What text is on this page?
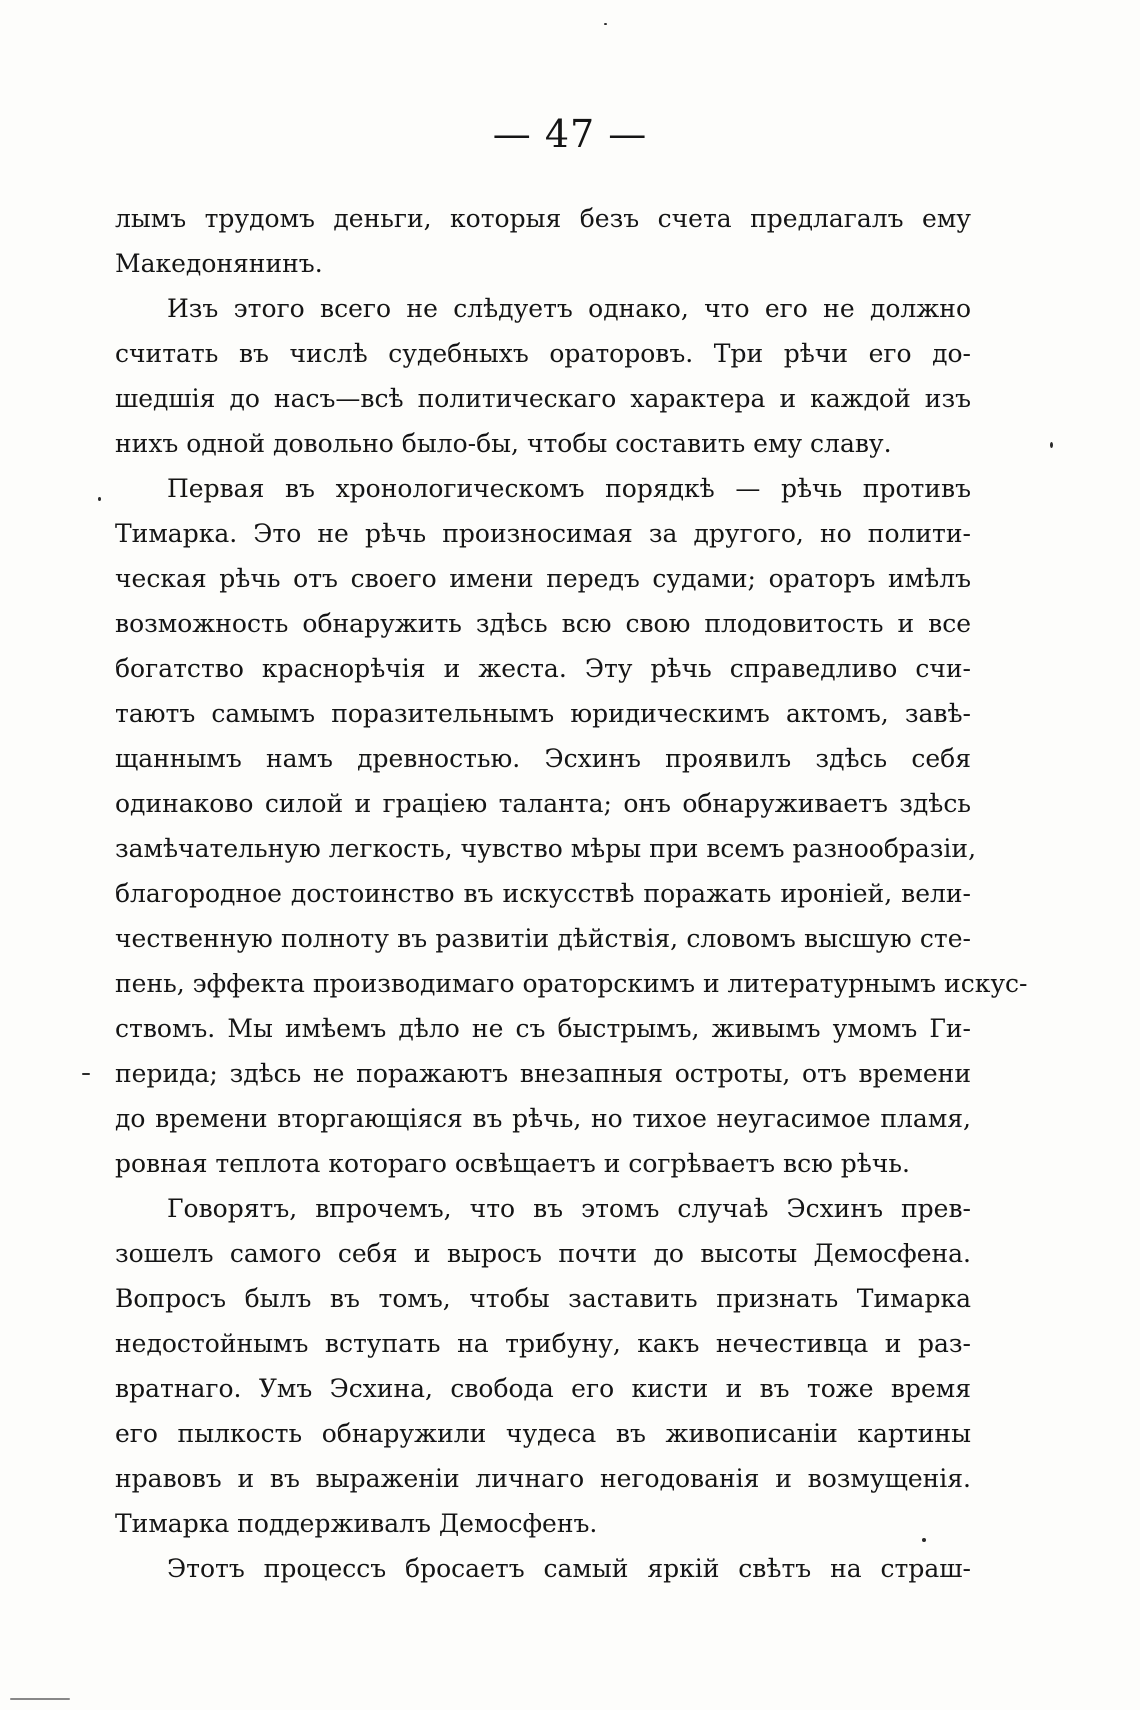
— 47 —
лымъ трудомъ деньги, которыя безъ счета предлагалъ ему
Македонянинъ.
Изъ этого всего не слѣдуетъ однако, что его не должно
считать въ числѣ судебныхъ ораторовъ. Три рѣчи его до-
шедшія до насъ—всѣ политическаго характера и каждой изъ
нихъ одной довольно было-бы, чтобы составить ему славу.
Первая въ хронологическомъ порядкѣ — рѣчь противъ
Тимарка. Это не рѣчь произносимая за другого, но полити-
ческая рѣчь отъ своего имени передъ судами; ораторъ имѣлъ
возможность обнаружить здѣсь всю свою плодовитость и все
богатство краснорѣчія и жеста. Эту рѣчь справедливо счи-
таютъ самымъ поразительнымъ юридическимъ актомъ, завѣ-
щаннымъ намъ древностью. Эсхинъ проявилъ здѣсь себя
одинаково силой и граціею таланта; онъ обнаруживаетъ здѣсь
замѣчательную легкость, чувство мѣры при всемъ разнообразіи,
благородное достоинство въ искусствѣ поражать ироніей, вели-
чественную полноту въ развитіи дѣйствія, словомъ высшую сте-
пень, эффекта производимаго ораторскимъ и литературнымъ искус-
ствомъ. Мы имѣемъ дѣло не съ быстрымъ, живымъ умомъ Ги-
перида; здѣсь не поражаютъ внезапныя остроты, отъ времени
до времени вторгающіяся въ рѣчь, но тихое неугасимое пламя,
ровная теплота котораго освѣщаетъ и согрѣваетъ всю рѣчь.
Говорятъ, впрочемъ, что въ этомъ случаѣ Эсхинъ прев-
зошелъ самого себя и выросъ почти до высоты Демосфена.
Вопросъ былъ въ томъ, чтобы заставить признать Тимарка
недостойнымъ вступать на трибуну, какъ нечестивца и раз-
вратнаго. Умъ Эсхина, свобода его кисти и въ тоже время
его пылкость обнаружили чудеса въ живописаніи картины
нравовъ и въ выраженіи личнаго негодованія и возмущенія.
Тимарка поддерживалъ Демосфенъ.
Этотъ процессъ бросаетъ самый яркій свѣтъ на страш-
